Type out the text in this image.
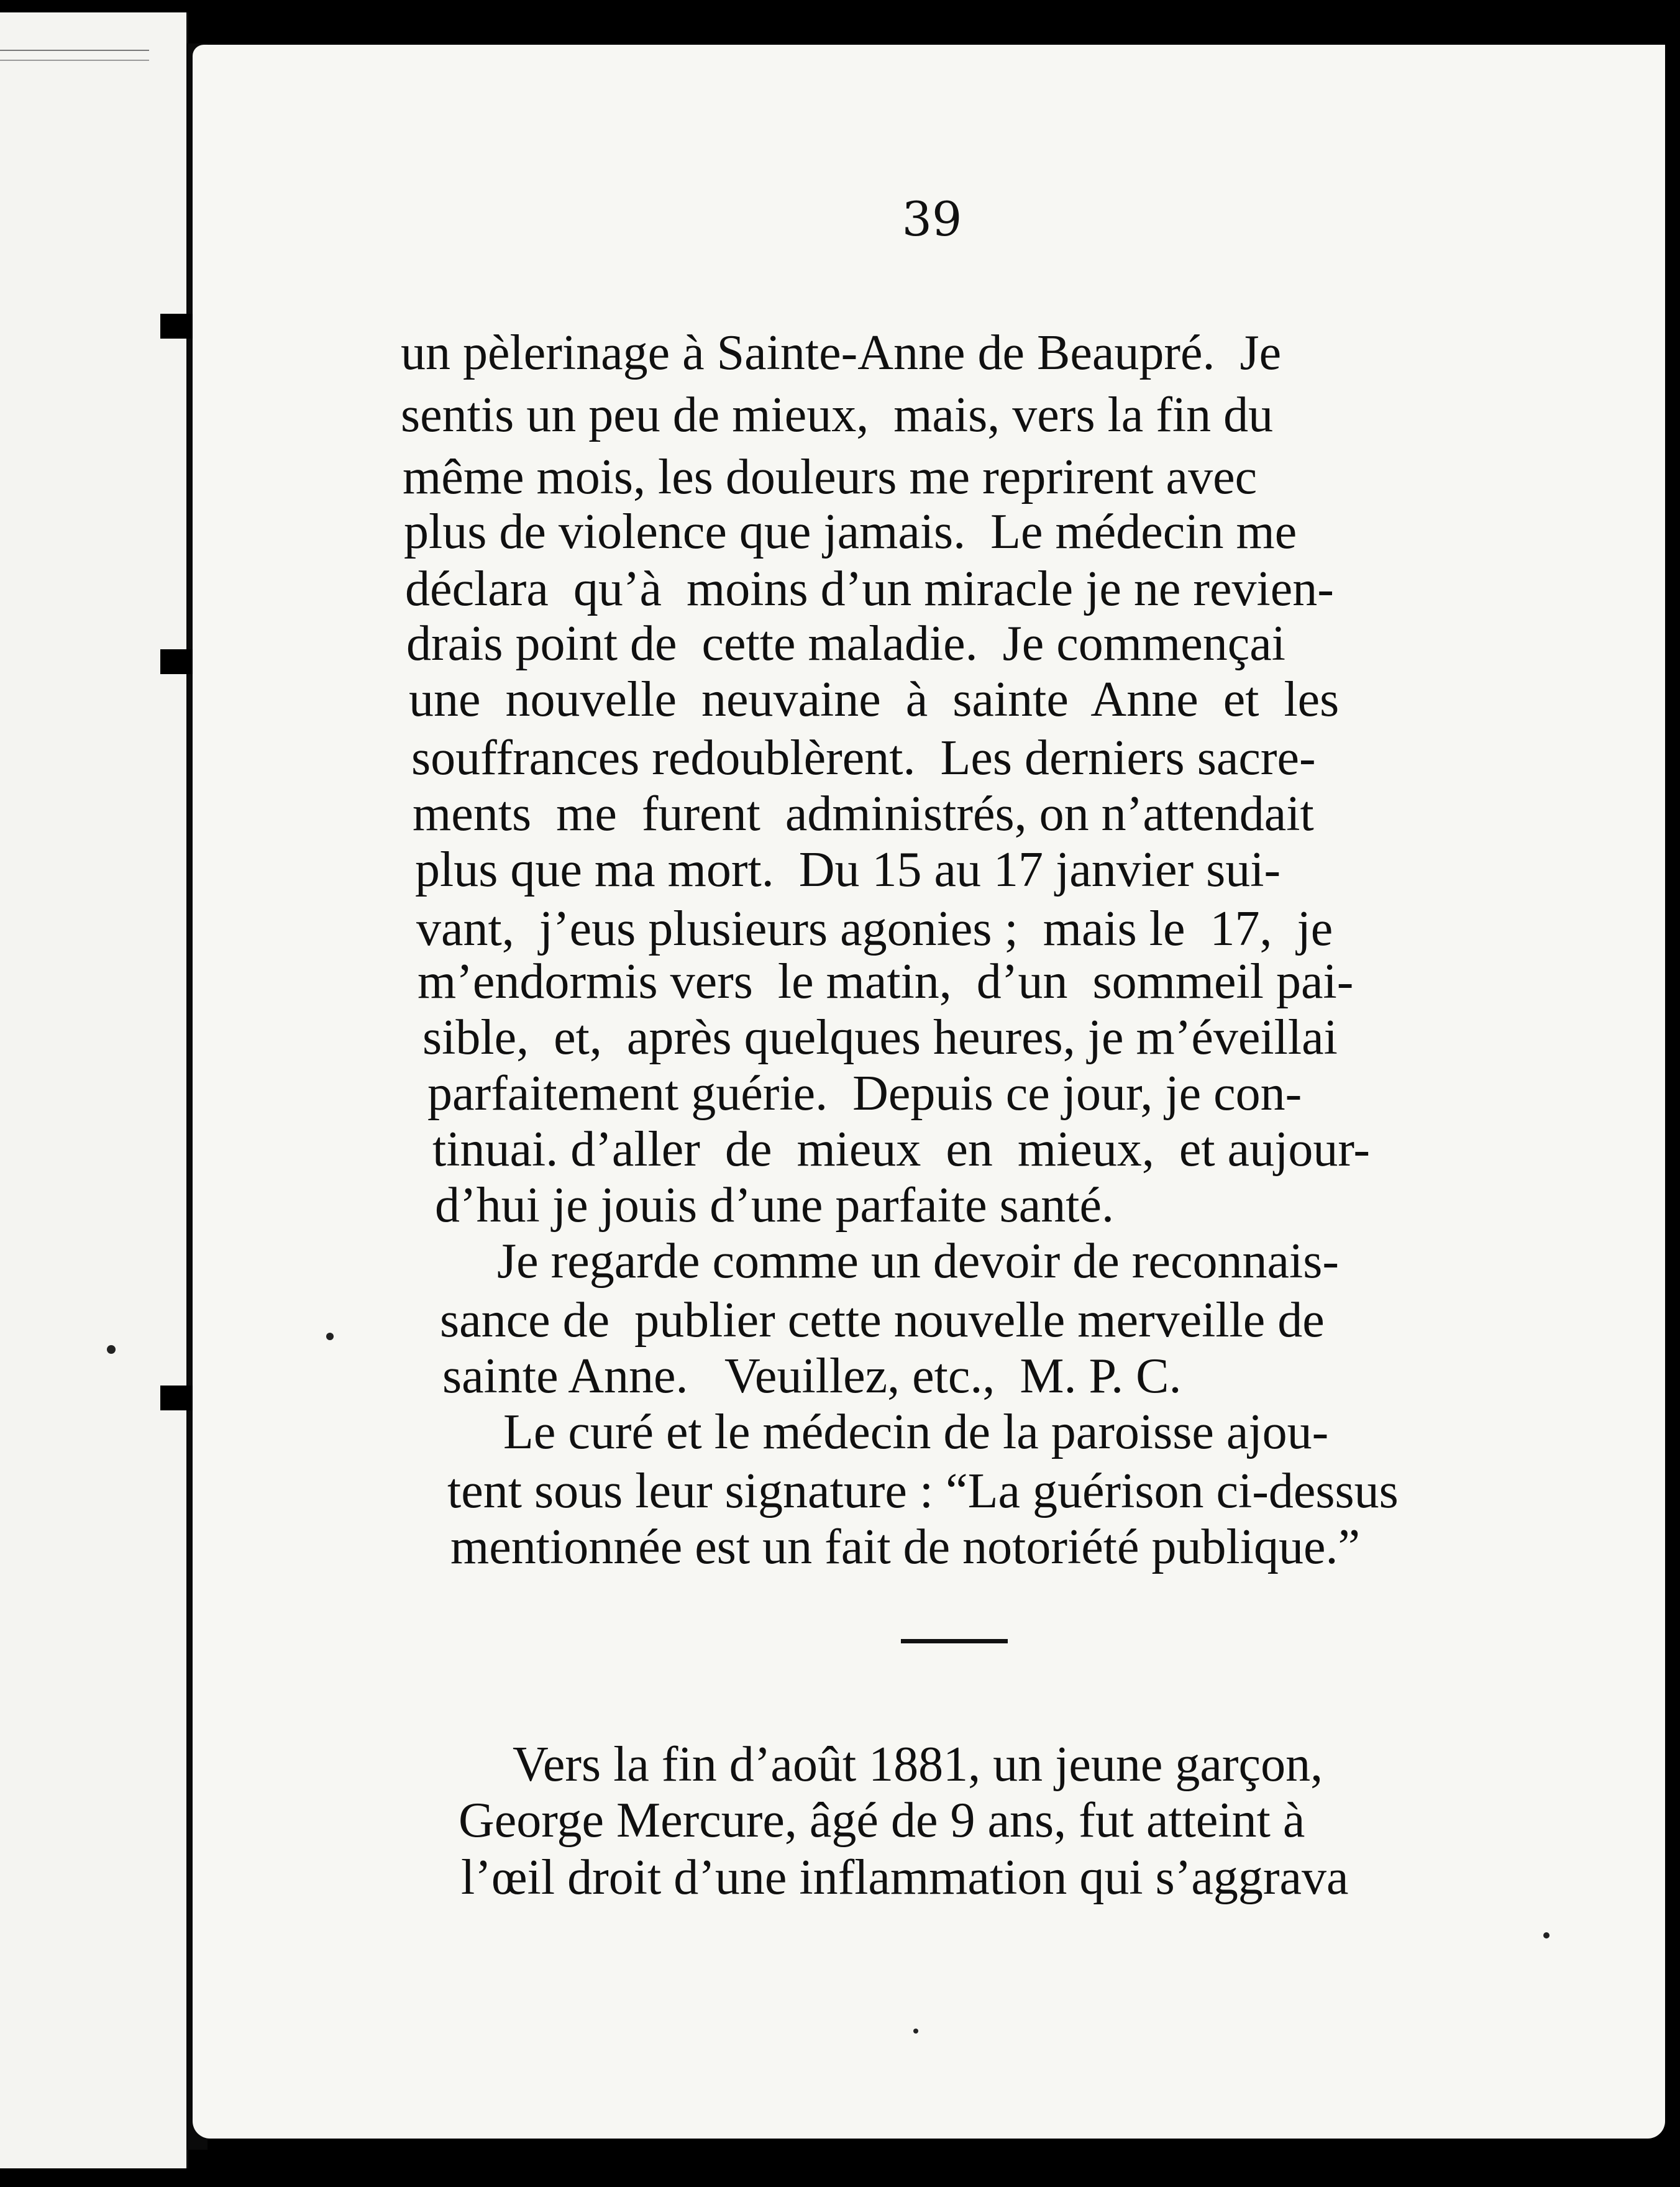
39
un pèlerinage à Sainte-Anne de Beaupré.  Je
sentis un peu de mieux,  mais, vers la fin du
même mois, les douleurs me reprirent avec
plus de violence que jamais.  Le médecin me
déclara  qu’à  moins d’un miracle je ne revien-
drais point de  cette maladie.  Je commençai
une  nouvelle  neuvaine  à  sainte  Anne  et  les
souffrances redoublèrent.  Les derniers sacre-
ments  me  furent  administrés, on n’attendait
plus que ma mort.  Du 15 au 17 janvier sui-
vant,  j’eus plusieurs agonies ;  mais le  17,  je
m’endormis vers  le matin,  d’un  sommeil pai-
sible,  et,  après quelques heures, je m’éveillai
parfaitement guérie.  Depuis ce jour, je con-
tinuai. d’aller  de  mieux  en  mieux,  et aujour-
d’hui je jouis d’une parfaite santé.
Je regarde comme un devoir de reconnais-
sance de  publier cette nouvelle merveille de
sainte Anne.   Veuillez, etc.,  M. P. C.
Le curé et le médecin de la paroisse ajou-
tent sous leur signature : “La guérison ci-dessus
mentionnée est un fait de notoriété publique.”
Vers la fin d’août 1881, un jeune garçon,
George Mercure, âgé de 9 ans, fut atteint à
l’œil droit d’une inflammation qui s’aggrava
